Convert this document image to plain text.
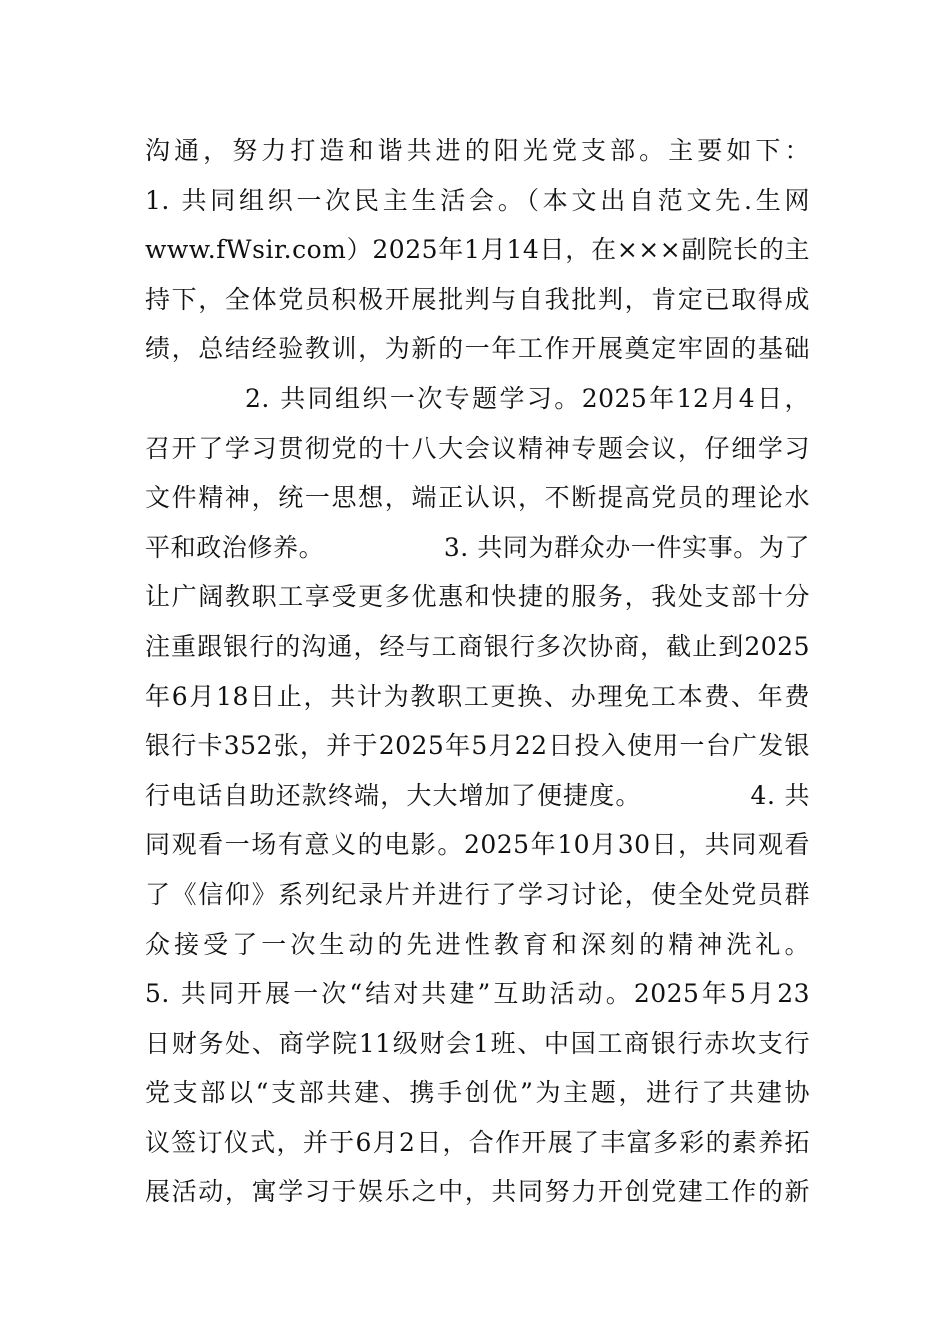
沟通，努力打造和谐共进的阳光党支部。主要如下：
1. 共同组织一次民主生活会。（本文出自范文先.生网
www.fWsir.com）2025年1月14日，在×××副院长的主
持下，全体党员积极开展批判与自我批判，肯定已取得成
绩，总结经验教训，为新的一年工作开展奠定牢固的基础
2. 共同组织一次专题学习。2025年12月4日，
召开了学习贯彻党的十八大会议精神专题会议，仔细学习
文件精神，统一思想，端正认识，不断提高党员的理论水
平和政治修养。              3. 共同为群众办一件实事。为了
让广阔教职工享受更多优惠和快捷的服务，我处支部十分
注重跟银行的沟通，经与工商银行多次协商，截止到2025
年6月18日止，共计为教职工更换、办理免工本费、年费
银行卡352张，并于2025年5月22日投入使用一台广发银
行电话自助还款终端，大大增加了便捷度。            4. 共
同观看一场有意义的电影。2025年10月30日，共同观看
了《信仰》系列纪录片并进行了学习讨论，使全处党员群
众接受了一次生动的先进性教育和深刻的精神洗礼。
5. 共同开展一次“结对共建”互助活动。2025年5月23
日财务处、商学院11级财会1班、中国工商银行赤坎支行
党支部以“支部共建、携手创优”为主题，进行了共建协
议签订仪式，并于6月2日，合作开展了丰富多彩的素养拓
展活动，寓学习于娱乐之中，共同努力开创党建工作的新
